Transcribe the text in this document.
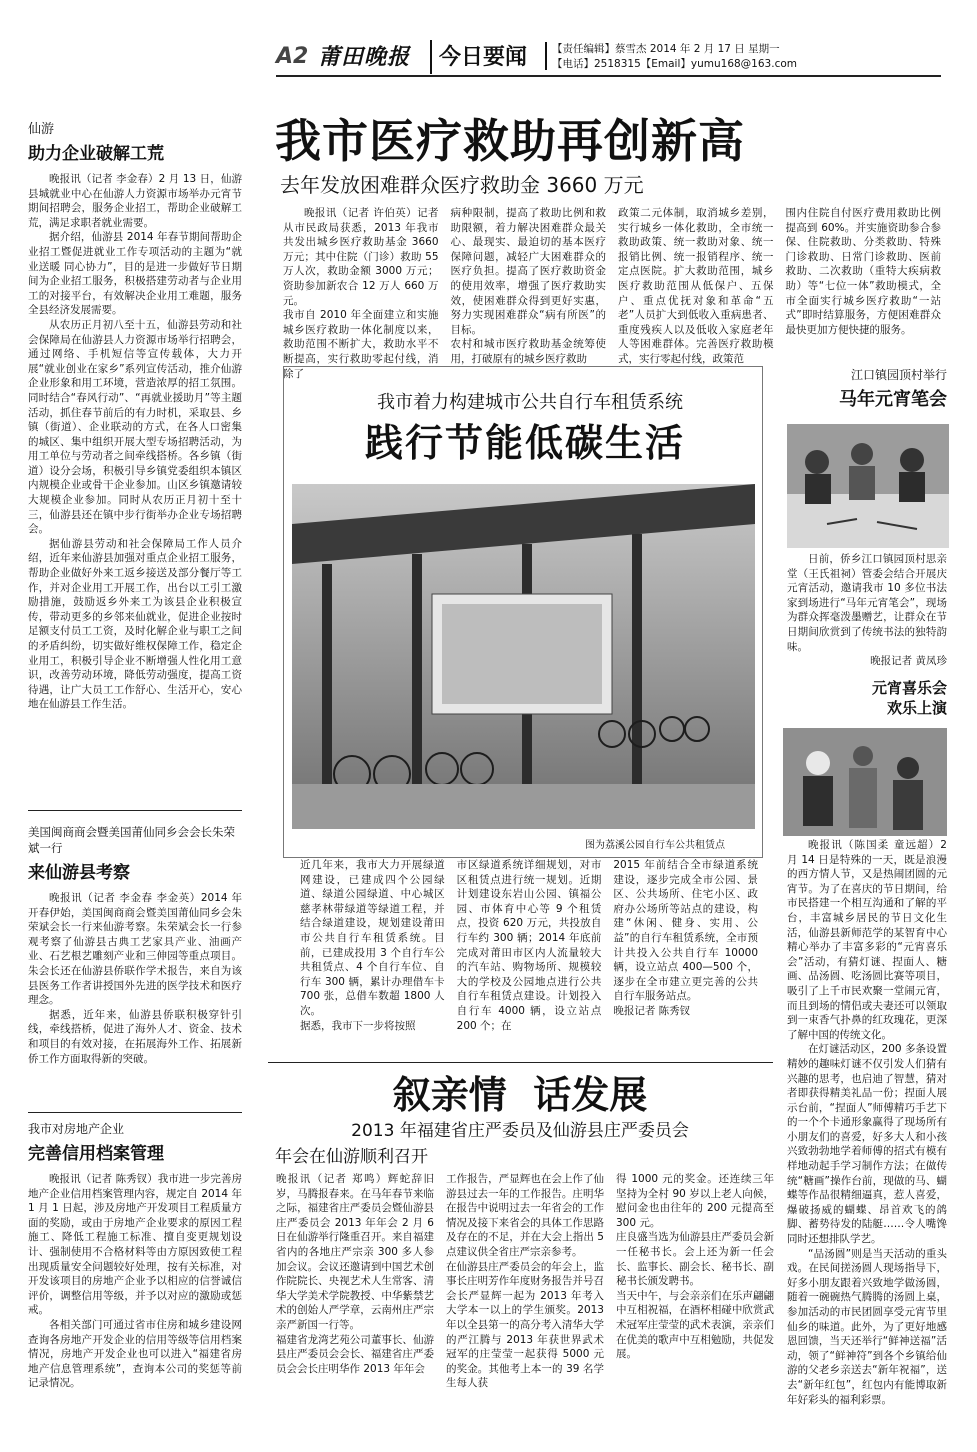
A2 莆田晚报 今日要闻 【责任编辑】蔡雪杰 2014 年 2 月 17 日 星期一
【电话】2518315【Email】yumu168@163.com
仙游
助力企业破解工荒

晚报讯（记者 李金春）2 月 13 日，仙游县城就业中心在仙游人力资源市场举办元宵节期间招聘会，服务企业招工，帮助企业破解工荒，满足求职者就业需要。

据介绍，仙游县 2014 年春节期间帮助企业招工暨促进就业工作专项活动的主题为“就业送暖 同心协力”，目的是进一步做好节日期间为企业招工服务，积极搭建劳动者与企业用工的对接平台，有效解决企业用工难题，服务全县经济发展需要。

从农历正月初八至十五，仙游县劳动和社会保障局在仙游县人力资源市场举行招聘会，通过网络、手机短信等宣传载体，大力开展“就业创业在家乡”系列宣传活动，推介仙游企业形象和用工环境，营造浓厚的招工氛围。同时结合“春风行动”、“再就业援助月”等主题活动，抓住春节前后的有力时机，采取县、乡镇（街道）、企业联动的方式，在各人口密集的城区、集中组织开展大型专场招聘活动，为用工单位与劳动者之间牵线搭桥。各乡镇（街道）设分会场，积极引导乡镇党委组织本镇区内规模企业或骨干企业参加。山区乡镇邀请较大规模企业参加。同时从农历正月初十至十三，仙游县还在镇中步行街举办企业专场招聘会。

据仙游县劳动和社会保障局工作人员介绍，近年来仙游县加强对重点企业招工服务，帮助企业做好外来工返乡接送及部分餐厅等工作，并对企业用工开展工作，出台以工引工激励措施，鼓励返乡外来工为该县企业积极宣传，带动更多的乡邻来仙就业，促进企业按时足额支付员工工资，及时化解企业与职工之间的矛盾纠纷，切实做好维权保障工作，稳定企业用工，积极引导企业不断增强人性化用工意识，改善劳动环境，降低劳动强度，提高工资待遇，让广大员工工作舒心、生活开心，安心地在仙游县工作生活。

美国闽商商会暨美国莆仙同乡会会长朱荣斌一行
来仙游县考察

晚报讯（记者 李金春 李金英）2014 年开春伊始，美国闽商商会暨美国莆仙同乡会朱荣斌会长一行来仙游考察。朱荣斌会长一行参观考察了仙游县古典工艺家具产业、油画产业、石艺根艺雕刻产业和三伸园等重点项目。朱会长还在仙游县侨联作学术报告，来自为该县医务工作者讲授国外先进的医学技术和医疗理念。

据悉，近年来，仙游县侨联积极穿针引线，牵线搭桥，促进了海外人才、资金、技术和项目的有效对接，在拓展海外工作、拓展新侨工作方面取得新的突破。

我市对房地产企业
完善信用档案管理

晚报讯（记者 陈秀钗）我市进一步完善房地产企业信用档案管理内容，规定自 2014 年 1 月 1 日起，涉及房地产开发项目工程质量方面的奖励，或由于房地产企业要求的原因工程施工、降低工程施工标准、擅自变更规划设计、强制使用不合格材料等由方原因致使工程出现质量安全问题较好处理，按有关标准，对开发该项目的房地产企业予以相应的信誉诚信评价，调整信用等级，并予以对应的激励或惩戒。

各相关部门可通过省市住房和城乡建设网查询各房地产开发企业的信用等级等信用档案情况，房地产开发企业也可以进入“福建省房地产信息管理系统”，查询本公司的奖惩等前记录情况。

我市医疗救助再创新高
去年发放困难群众医疗救助金 3660 万元
晚报讯（记者 许伯英）记者从市民政局获悉，2013 年我市共发出城乡医疗救助基金 3660 万元；其中住院（门诊）救助 55 万人次，救助金额 3000 万元；资助参加新农合 12 万人 660 万元。
我市自 2010 年全面建立和实施城乡医疗救助一体化制度以来，救助范围不断扩大，救助水平不断提高，实行救助零起付线，消除了
病种限制，提高了救助比例和救助限额，着力解决困难群众最关心、最现实、最迫切的基本医疗保障问题，减轻广大困难群众的医疗负担。提高了医疗救助资金的使用效率，增强了医疗救助实效，使困难群众得到更好实惠，努力实现困难群众“病有所医”的目标。
农村和城市医疗救助基金统筹使用，打破原有的城乡医疗救助
政策二元体制，取消城乡差别，实行城乡一体化救助，全市统一救助政策、统一救助对象、统一报销比例、统一报销程序、统一定点医院。扩大救助范围，城乡医疗救助范围从低保户、五保户、重点优抚对象和革命“五老”人员扩大到低收入重病患者、重度残疾人以及低收入家庭老年人等困难群体。完善医疗救助模式，实行零起付线，政策范
围内住院自付医疗费用救助比例提高到 60%。并实施资助参合参保、住院救助、分类救助、特殊门诊救助、日常门诊救助、医前救助、二次救助（重特大疾病救助）等“七位一体”救助模式，全市全面实行城乡医疗救助“一站式”即时结算服务，方便困难群众最快更加方便快捷的服务。
我市着力构建城市公共自行车租赁系统
践行节能低碳生活
图为荔溪公园自行车公共租赁点
近几年来，我市大力开展绿道网建设，已建成四个公园绿道、绿道公园绿道、中心城区慈孝林带绿道等绿道工程，并结合绿道建设，规划建设莆田市公共自行车租赁系统。目前，已建成投用 3 个自行车公共租赁点、4 个自行车位、自行车 300 辆，累计办理借车卡 700 张，总借车数超 1800 人次。
据悉，我市下一步将按照
市区绿道系统详细规划，对市区租赁点进行统一规划。近期计划建设东岩山公园、镇福公园、市体育中心等 9 个租赁点，投资 620 万元，共投放自行车约 300 辆；2014 年底前完成对莆田市区内人流量较大的汽车站、购物场所、规模较大的学校及公园地点进行公共自行车租赁点建设。计划投入自行车 4000 辆，设立站点 200 个；在
2015 年前结合全市绿道系统建设，逐步完成全市公园、景区、公共场所、住宅小区、政府办公场所等站点的建设，构建“休闲、健身、实用、公益”的自行车租赁系统，全市预计共投入公共自行车 10000 辆，设立站点 400—500 个，逐步在全市建立更完善的公共自行车服务站点。
晚报记者 陈秀钗
江口镇园顶村举行
马年元宵笔会

日前，侨乡江口镇园顶村思亲堂（王氏祖祠）管委会结合开展庆元宵活动，邀请我市 10 多位书法家到场进行“马年元宵笔会”，现场为群众挥毫泼墨赠艺，让群众在节日期间欣赏到了传统书法的独特韵味。

晚报记者 黄凤珍
元宵喜乐会
欢乐上演

晚报讯（陈国柔 童远超）2 月 14 日是特殊的一天，既是浪漫的西方情人节，又是热闹团圆的元宵节。为了在喜庆的节日期间，给市民搭建一个相互沟通和了解的平台，丰富城乡居民的节日文化生活，仙游县新师范学的某智育中心精心举办了丰富多彩的“元宵喜乐会”活动，有猜灯谜、捏面人、糖画、品汤圆、吃汤圆比赛等项目，吸引了上千市民欢聚一堂闹元宵，而且到场的情侣或夫妻还可以领取到一束香气扑鼻的红玫瑰花，更深了解中国的传统文化。

在灯谜活动区，200 多条设置精妙的趣味灯谜不仅引发人们猜有兴趣的思考，也启迪了智慧，猜对者即获得精美礼品一份；捏面人展示台前，“捏面人”师傅精巧手艺下的一个个卡通形象赢得了现场所有小朋友们的喜爱，好多大人和小孩兴致勃勃地学着师傅的招式有模有样地动起手学习制作方法；在做传统“糖画”操作台前，现做的马、蝴蝶等作品很精细逼真，惹人喜爱，爆破扬威的蝴蝶、昂首欢飞的鸽脚、蓄势待发的陆艇……令人嘴馋同时还想排队学艺。

“品汤圆”则是当天活动的重头戏。在民间搓汤圆人现场指导下，好多小朋友跟着兴致地学做汤圆，随着一碗碗热气腾腾的汤圆上桌，参加活动的市民团圆享受元宵节里仙乡的味道。此外，为了更好地感恩回馈，当天还举行“鲜神送福”活动，领了“鲜神符”到各个乡镇给仙游的父老乡亲送去“新年祝福”，送去“新年红包”，红包内有能博取新年好彩头的福利彩票。

叙亲情  话发展
2013 年福建省庄严委员及仙游县庄严委员会
年会在仙游顺利召开
晚报讯（记者 郑鸣）辉蛇辞旧岁，马腾报春来。在马年春节来临之际，福建省庄严委员会暨仙游县庄严委员会 2013 年年会 2 月 6 日在仙游举行隆重召开。来自福建省内的各地庄严宗亲 300 多人参加会议。会议还邀请到中国艺术创作院院长、央视艺术人生常客、清华大学美术学院教授、中华紫禁艺术的创始人严学章，云南州庄严宗亲严新国一行等。
福建省龙湾艺苑公司董事长、仙游县庄严委员会会长、福建省庄严委员会会长庄明华作 2013 年年会
工作报告，严显辉也在会上作了仙游县过去一年的工作报告。庄明华在报告中说明过去一年省会的工作情况及接下来省会的具体工作思路及存在的不足，并在大会上指出 5 点建议供全省庄严宗亲参考。
在仙游县庄严委员会的年会上，监事长庄明芳作年度财务报告并号召会长严显辉一起为 2013 年考入大学本一以上的学生颁奖。2013 年以全县第一的高分考入清华大学的严江腾与 2013 年获世界武术冠军的庄莹莹一起获得 5000 元的奖金。其他考上本一的 39 名学生每人获
得 1000 元的奖金。还连续三年坚持为全村 90 岁以上老人向候，慰问金也由往年的 200 元提高至 300 元。
庄良盛当选为仙游县庄严委员会新一任秘书长。会上还为新一任会长、监事长、副会长、秘书长、副秘书长颁发聘书。
当天中午，与会亲亲们在乐声翩翩中互相祝福，在酒杯相碰中欣赏武术冠军庄莹莹的武术表演，亲亲们在优美的歌声中互相勉励，共促发展。
